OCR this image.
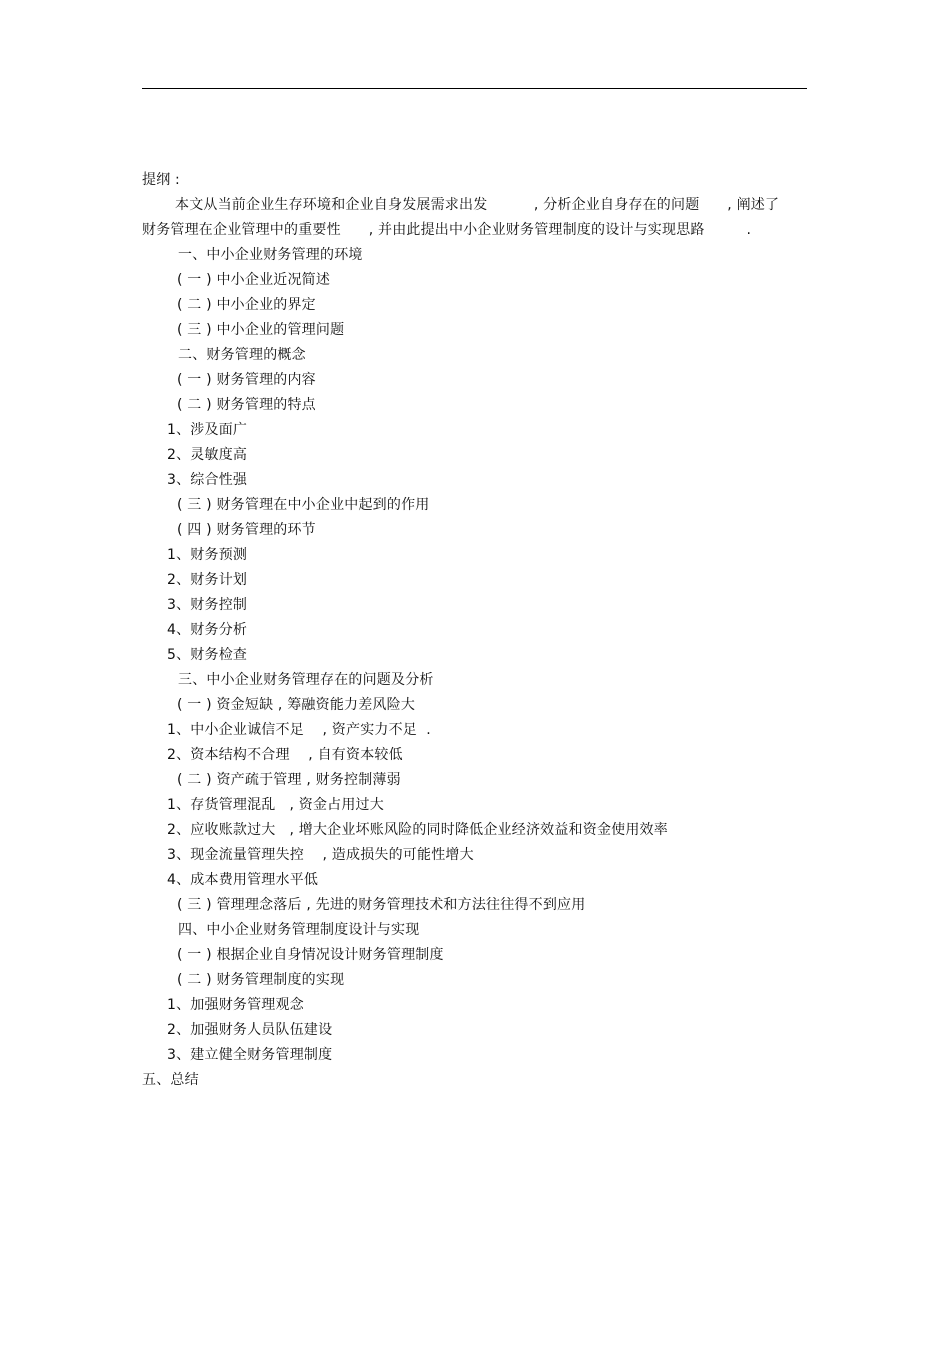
提纲 :
本文从当前企业生存环境和企业自身发展需求出发          , 分析企业自身存在的问题      , 阐述了
财务管理在企业管理中的重要性      , 并由此提出中小企业财务管理制度的设计与实现思路         .
一、中小企业财务管理的环境
( 一 ) 中小企业近况简述
( 二 ) 中小企业的界定
( 三 ) 中小企业的管理问题
二、财务管理的概念
( 一 ) 财务管理的内容
( 二 ) 财务管理的特点
1、涉及面广
2、灵敏度高
3、综合性强
( 三 ) 财务管理在中小企业中起到的作用
( 四 ) 财务管理的环节
1、财务预测
2、财务计划
3、财务控制
4、财务分析
5、财务检查
三、中小企业财务管理存在的问题及分析
( 一 ) 资金短缺 , 筹融资能力差风险大
1、中小企业诚信不足    , 资产实力不足  .
2、资本结构不合理    , 自有资本较低
( 二 ) 资产疏于管理 , 财务控制薄弱
1、存货管理混乱   , 资金占用过大
2、应收账款过大   , 增大企业坏账风险的同时降低企业经济效益和资金使用效率
3、现金流量管理失控    , 造成损失的可能性增大
4、成本费用管理水平低
( 三 ) 管理理念落后 , 先进的财务管理技术和方法往往得不到应用
四、中小企业财务管理制度设计与实现
( 一 ) 根据企业自身情况设计财务管理制度
( 二 ) 财务管理制度的实现
1、加强财务管理观念
2、加强财务人员队伍建设
3、建立健全财务管理制度
五、总结
